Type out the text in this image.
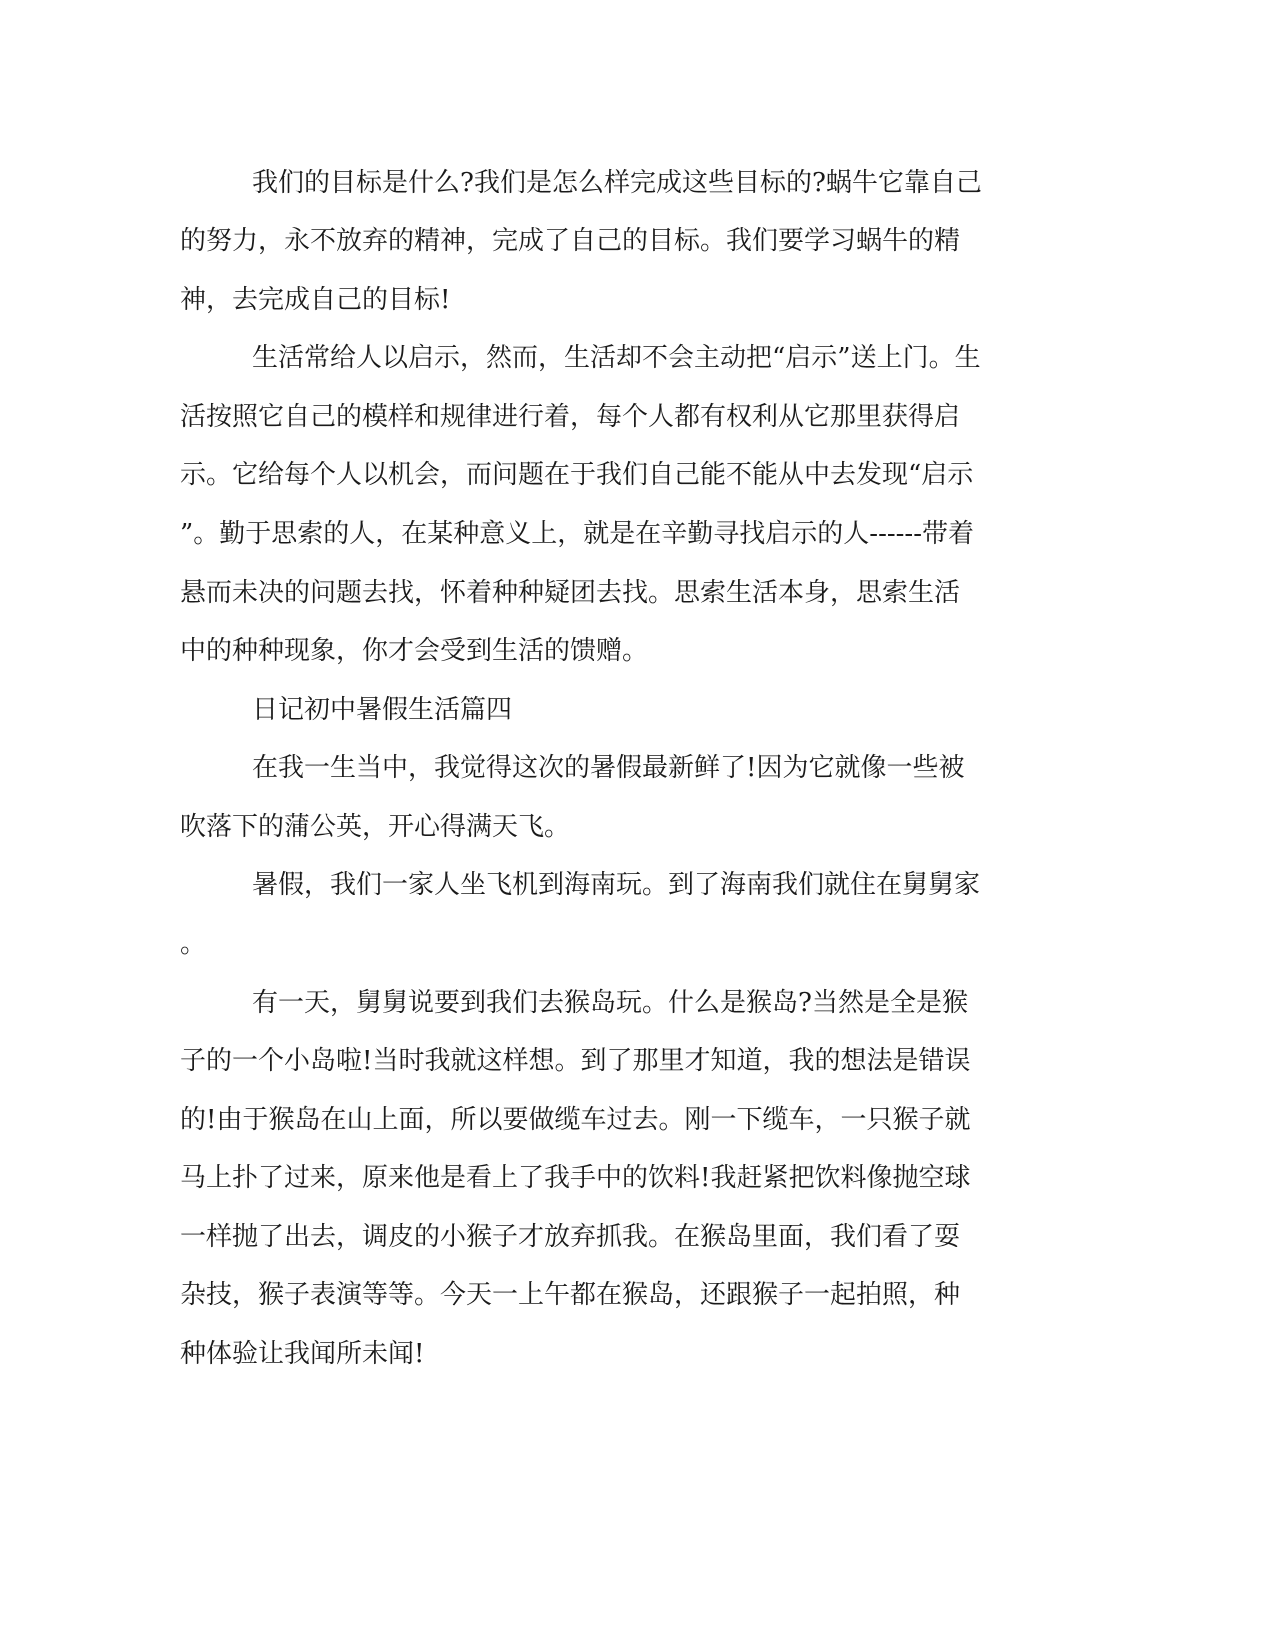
我们的目标是什么?我们是怎么样完成这些目标的?蜗牛它靠自己

的努力，永不放弃的精神，完成了自己的目标。我们要学习蜗牛的精

神，去完成自己的目标!

生活常给人以启示，然而，生活却不会主动把“启示”送上门。生

活按照它自己的模样和规律进行着，每个人都有权利从它那里获得启

示。它给每个人以机会，而问题在于我们自己能不能从中去发现“启示

”。勤于思索的人，在某种意义上，就是在辛勤寻找启示的人------带着

悬而未决的问题去找，怀着种种疑团去找。思索生活本身，思索生活

中的种种现象，你才会受到生活的馈赠。

日记初中暑假生活篇四

在我一生当中，我觉得这次的暑假最新鲜了!因为它就像一些被

吹落下的蒲公英，开心得满天飞。

暑假，我们一家人坐飞机到海南玩。到了海南我们就住在舅舅家

。

有一天，舅舅说要到我们去猴岛玩。什么是猴岛?当然是全是猴

子的一个小岛啦!当时我就这样想。到了那里才知道，我的想法是错误

的!由于猴岛在山上面，所以要做缆车过去。刚一下缆车，一只猴子就

马上扑了过来，原来他是看上了我手中的饮料!我赶紧把饮料像抛空球

一样抛了出去，调皮的小猴子才放弃抓我。在猴岛里面，我们看了耍

杂技，猴子表演等等。今天一上午都在猴岛，还跟猴子一起拍照，种

种体验让我闻所未闻!
